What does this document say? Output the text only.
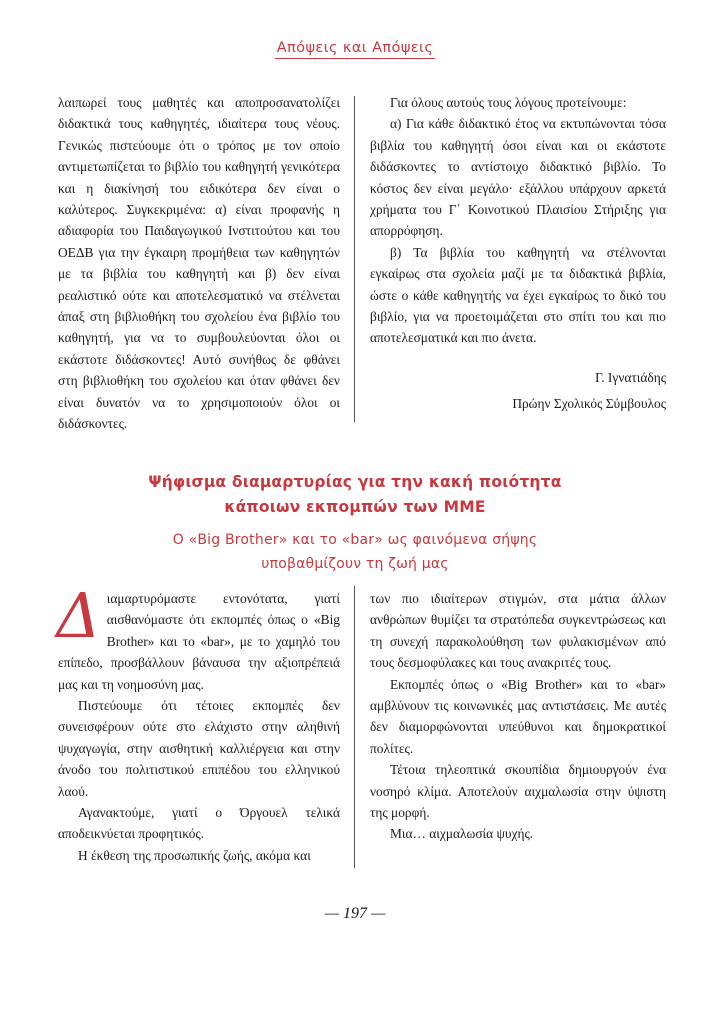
Απόψεις και Απόψεις

λαιπωρεί τους μαθητές και αποπροσανατολίζει διδακτικά τους καθηγητές, ιδιαίτερα τους νέους. Γενικώς πιστεύουμε ότι ο τρόπος με τον οποίο αντιμετωπίζεται το βιβλίο του καθηγητή γενικότερα και η διακίνησή του ειδικότερα δεν είναι ο καλύτερος. Συγκεκριμένα: α) είναι προφανής η αδιαφορία του Παιδαγωγικού Ινστιτούτου και του ΟΕΔΒ για την έγκαιρη προμήθεια των καθηγητών με τα βιβλία του καθηγητή και β) δεν είναι ρεαλιστικό ούτε και αποτελεσματικό να στέλνεται άπαξ στη βιβλιοθήκη του σχολείου ένα βιβλίο του καθηγητή, για να το συμβουλεύονται όλοι οι εκάστοτε διδάσκοντες! Αυτό συνήθως δε φθάνει στη βιβλιοθήκη του σχολείου και όταν φθάνει δεν είναι δυνατόν να το χρησιμοποιούν όλοι οι διδάσκοντες.

Για όλους αυτούς τους λόγους προτείνουμε:

α) Για κάθε διδακτικό έτος να εκτυπώνονται τόσα βιβλία του καθηγητή όσοι είναι και οι εκάστοτε διδάσκοντες το αντίστοιχο διδακτικό βιβλίο. Το κόστος δεν είναι μεγάλο· εξάλλου υπάρχουν αρκετά χρήματα του Γ΄ Κοινοτικού Πλαισίου Στήριξης για απορρόφηση.

β) Τα βιβλία του καθηγητή να στέλνονται εγκαίρως στα σχολεία μαζί με τα διδακτικά βιβλία, ώστε ο κάθε καθηγητής να έχει εγκαίρως το δικό του βιβλίο, για να προετοιμάζεται στο σπίτι του και πιο αποτελεσματικά και πιο άνετα.

Γ. Ιγνατιάδης
Πρώην Σχολικός Σύμβουλος
Ψήφισμα διαμαρτυρίας για την κακή ποιότητα
κάποιων εκπομπών των ΜΜΕ
Ο «Big Brother» και το «bar» ως φαινόμενα σήψης
υποβαθμίζουν τη ζωή μας

Διαμαρτυρόμαστε εντονότατα, γιατί αισθανόμαστε ότι εκπομπές όπως ο «Big Brother» και το «bar», με το χαμηλό του επίπεδο, προσβάλλουν βάναυσα την αξιοπρέπειά μας και τη νοημοσύνη μας.

Πιστεύουμε ότι τέτοιες εκπομπές δεν συνεισφέρουν ούτε στο ελάχιστο στην αληθινή ψυχαγωγία, στην αισθητική καλλιέργεια και στην άνοδο του πολιτιστικού επιπέδου του ελληνικού λαού.

Αγανακτούμε, γιατί ο Όργουελ τελικά αποδεικνύεται προφητικός.

Η έκθεση της προσωπικής ζωής, ακόμα και

των πιο ιδιαίτερων στιγμών, στα μάτια άλλων ανθρώπων θυμίζει τα στρατόπεδα συγκεντρώσεως και τη συνεχή παρακολούθηση των φυλακισμένων από τους δεσμοφύλακες και τους ανακριτές τους.

Εκπομπές όπως ο «Big Brother» και το «bar» αμβλύνουν τις κοινωνικές μας αντιστάσεις. Με αυτές δεν διαμορφώνονται υπεύθυνοι και δημοκρατικοί πολίτες.

Τέτοια τηλεοπτικά σκουπίδια δημιουργούν ένα νοσηρό κλίμα. Αποτελούν αιχμαλωσία στην ύψιστη της μορφή.

Μια… αιχμαλωσία ψυχής.

— 197 —
